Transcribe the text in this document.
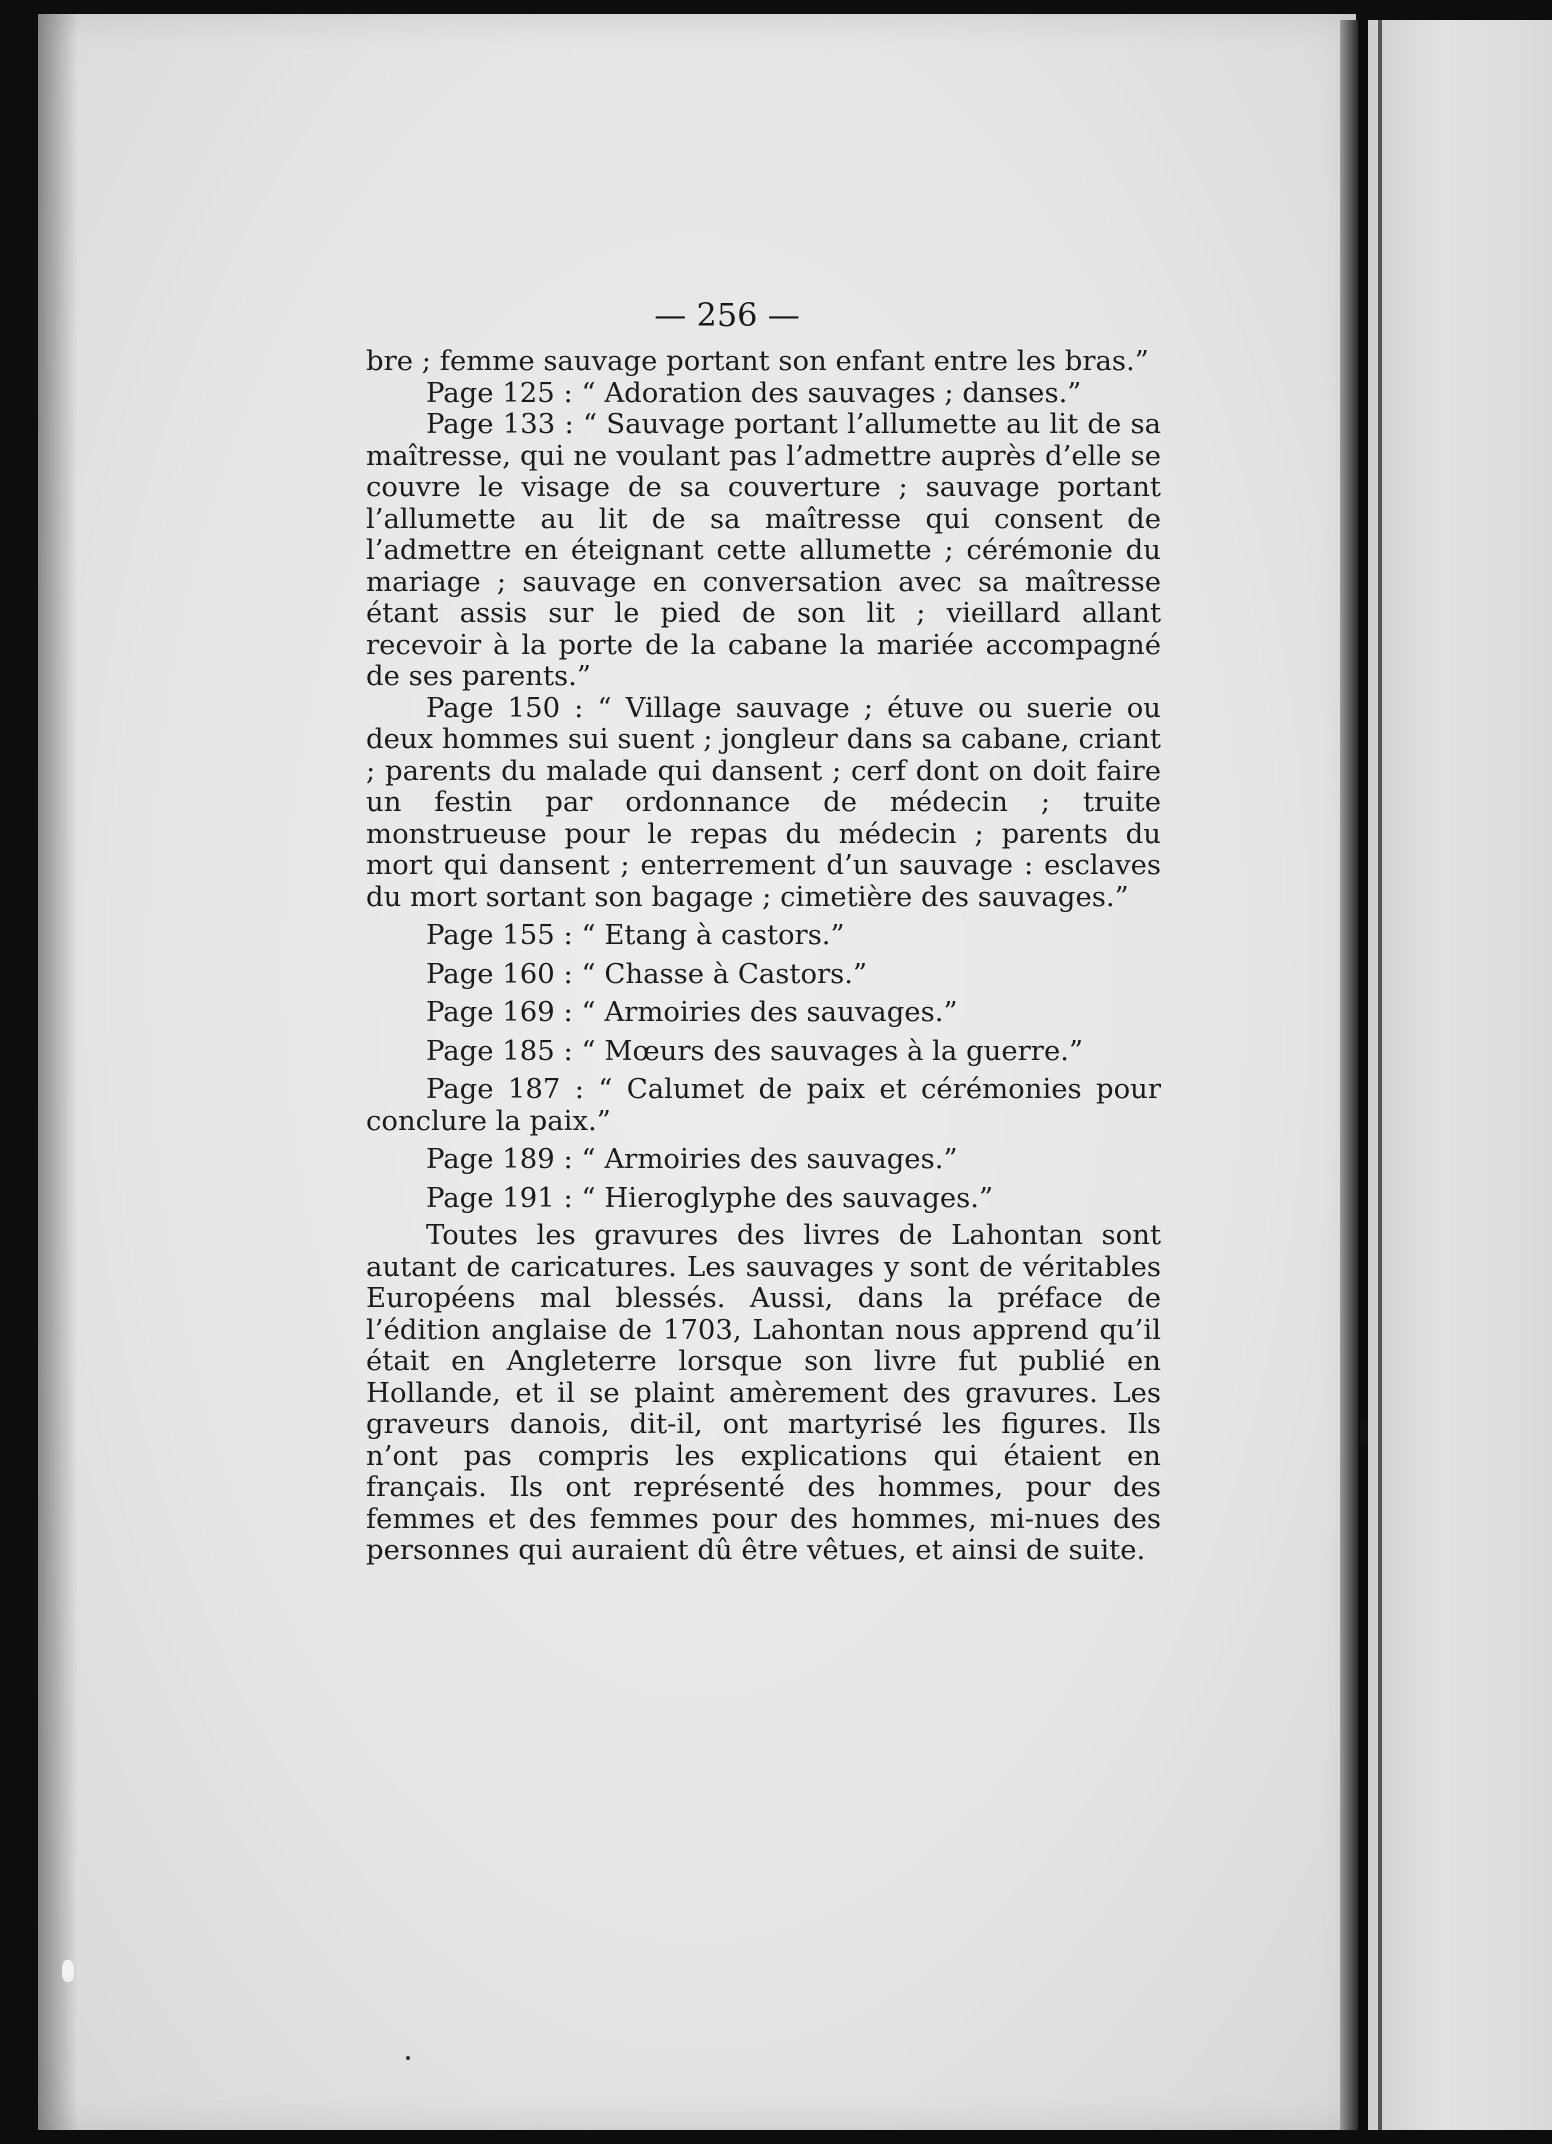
— 256 —

bre ; femme sauvage portant son enfant entre les bras.”

Page 125 : “ Adoration des sauvages ; danses.”

Page 133 : “ Sauvage portant l’allumette au lit de sa maîtresse, qui ne voulant pas l’admettre auprès d’elle se couvre le visage de sa couverture ; sauvage portant l’allumette au lit de sa maîtresse qui consent de l’admettre en éteignant cette allumette ; cérémonie du mariage ; sauvage en conversation avec sa maîtresse étant assis sur le pied de son lit ; vieillard allant recevoir à la porte de la cabane la mariée accompagné de ses parents.”

Page 150 : “ Village sauvage ; étuve ou suerie ou deux hommes sui suent ; jongleur dans sa cabane, criant ; parents du malade qui dansent ; cerf dont on doit faire un festin par ordonnance de médecin ; truite monstrueuse pour le repas du médecin ; parents du mort qui dansent ; enterrement d’un sauvage : esclaves du mort sortant son bagage ; cimetière des sauvages.”

Page 155 : “ Etang à castors.”

Page 160 : “ Chasse à Castors.”

Page 169 : “ Armoiries des sauvages.”

Page 185 : “ Mœurs des sauvages à la guerre.”

Page 187 : “ Calumet de paix et cérémonies pour conclure la paix.”

Page 189 : “ Armoiries des sauvages.”

Page 191 : “ Hieroglyphe des sauvages.”

Toutes les gravures des livres de Lahontan sont autant de caricatures. Les sauvages y sont de véritables Européens mal blessés. Aussi, dans la préface de l’édition anglaise de 1703, Lahontan nous apprend qu’il était en Angleterre lorsque son livre fut publié en Hollande, et il se plaint amèrement des gravures. Les graveurs danois, dit-il, ont martyrisé les figures. Ils n’ont pas compris les explications qui étaient en français. Ils ont représenté des hommes, pour des femmes et des femmes pour des hommes, mi-nues des personnes qui auraient dû être vêtues, et ainsi de suite.
